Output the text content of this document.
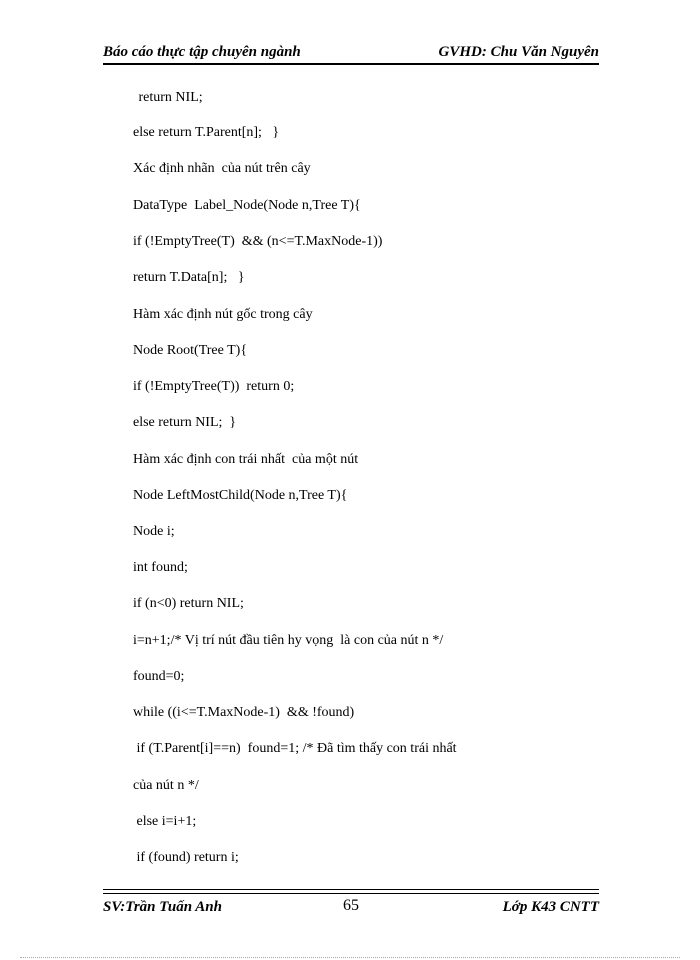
Báo cáo thực tập chuyên ngành	GVHD: Chu Văn Nguyên
return NIL;
else return T.Parent[n];   }
Xác định nhãn  của nút trên cây
DataType  Label_Node(Node n,Tree T){
if (!EmptyTree(T)  && (n<=T.MaxNode-1))
return T.Data[n];   }
Hàm xác định nút gốc trong cây
Node Root(Tree T){
if (!EmptyTree(T))  return 0;
else return NIL;  }
Hàm xác định con trái nhất  của một nút
Node LeftMostChild(Node n,Tree T){
Node i;
int found;
if (n<0) return NIL;
i=n+1;/* Vị trí nút đầu tiên hy vọng  là con của nút n */
found=0;
while ((i<=T.MaxNode-1)  && !found)
if (T.Parent[i]==n)  found=1; /* Đã tìm thấy con trái nhất
của nút n */
else i=i+1;
if (found) return i;
SV:Trần Tuấn Anh	65	Lớp K43 CNTT
